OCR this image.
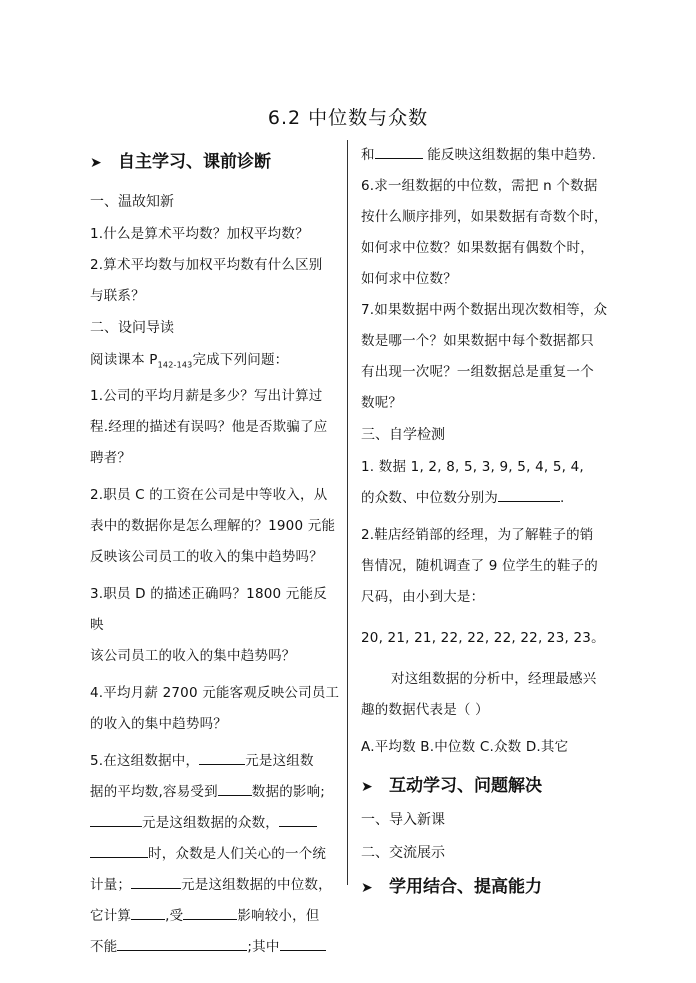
6.2 中位数与众数

➤ 自主学习、课前诊断

一、温故知新

1.什么是算术平均数？加权平均数？

2.算术平均数与加权平均数有什么区别

与联系？

二、设问导读

阅读课本 $P_{142-143}$完成下列问题：

1.公司的平均月薪是多少？写出计算过

程.经理的描述有误吗？他是否欺骗了应

聘者？

2.职员 C 的工资在公司是中等收入，从

表中的数据你是怎么理解的？1900 元能

反映该公司员工的收入的集中趋势吗？

3.职员 D 的描述正确吗？1800 元能反映

该公司员工的收入的集中趋势吗？

4.平均月薪 2700 元能客观反映公司员工

的收入的集中趋势吗？

5.在这组数据中，	元是这组数

据的平均数,容易受到	数据的影响;

元是这组数据的众数，

时，众数是人们关心的一个统

计量；	元是这组数据的中位数，

它计算	,受	影响较小，但

不能	;其中

和	能反映这组数据的集中趋势.

6.求一组数据的中位数，需把 n 个数据

按什么顺序排列，如果数据有奇数个时，

如何求中位数？如果数据有偶数个时，

如何求中位数？

7.如果数据中两个数据出现次数相等，众

数是哪一个？如果数据中每个数据都只

有出现一次呢？一组数据总是重复一个

数呢？

三、自学检测

1. 数据 1, 2, 8, 5, 3, 9, 5, 4, 5, 4,

的众数、中位数分别为	.

2.鞋店经销部的经理，为了解鞋子的销

售情况，随机调查了 9 位学生的鞋子的

尺码，由小到大是：

20, 21, 21, 22, 22, 22, 22, 23, 23。

对这组数据的分析中，经理最感兴

趣的数据代表是（ ）

A.平均数 B.中位数 C.众数 D.其它

➤ 互动学习、问题解决

一、导入新课

二、交流展示

➤ 学用结合、提高能力
